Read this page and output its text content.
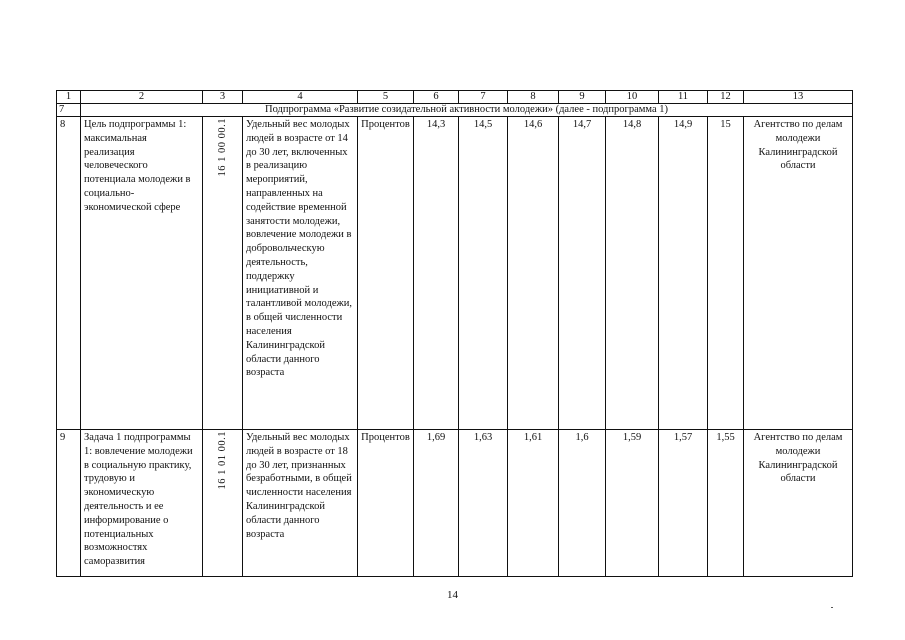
1	2	3	4	5	6	7	8	9	10	11	12	13
7	Подпрограмма «Развитие созидательной активности молодежи» (далее - подпрограмма 1)											
8	Цель подпрограммы 1: максимальная реализация человеческого потенциала молодежи в социально-экономической сфере	16 1 00 00.1	Удельный вес молодых людей в возрасте от 14 до 30 лет, включенных в реализацию мероприятий, направленных на содействие временной занятости молодежи, вовлечение молодежи в добровольческую деятельность, поддержку инициативной и талантливой молодежи, в общей численности населения Калининградской области данного возраста	Процентов	14,3	14,5	14,6	14,7	14,8	14,9	15	Агентство по делам молодежи Калининградской области
9	Задача 1 подпрограммы 1: вовлечение молодежи в социальную практику, трудовую и экономическую деятельность и ее информирование о потенциальных возможностях саморазвития	16 1 01 00.1	Удельный вес молодых людей в возрасте от 18 до 30 лет, признанных безработными, в общей численности населения Калининградской области данного возраста	Процентов	1,69	1,63	1,61	1,6	1,59	1,57	1,55	Агентство по делам молодежи Калининградской области
14
